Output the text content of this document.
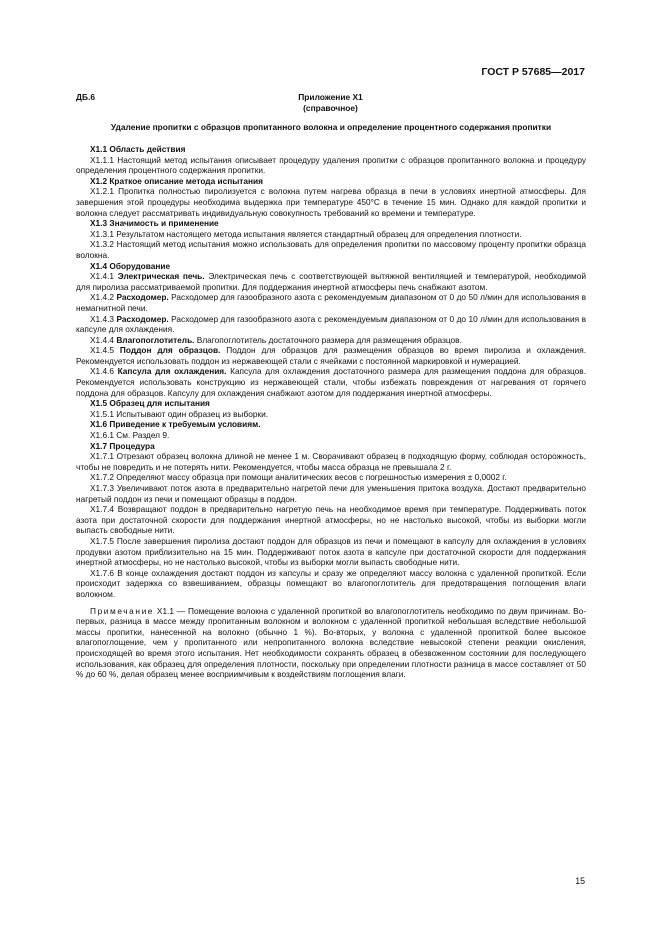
ГОСТ Р 57685—2017
ДБ.6	Приложение Х1
(справочное)
Удаление пропитки с образцов пропитанного волокна и определение процентного содержания пропитки

Х1.1 Область действия

Х1.1.1 Настоящий метод испытания описывает процедуру удаления пропитки с образцов пропитанного волокна и процедуру определения процентного содержания пропитки.

Х1.2 Краткое описание метода испытания

Х1.2.1 Пропитка полностью пиролизуется с волокна путем нагрева образца в печи в условиях инертной атмосферы. Для завершения этой процедуры необходима выдержка при температуре 450°С в течение 15 мин. Однако для каждой пропитки и волокна следует рассматривать индивидуальную совокупность требований ко времени и температуре.

Х1.3 Значимость и применение

Х1.3.1 Результатом настоящего метода испытания является стандартный образец для определения плотности.

Х1.3.2 Настоящий метод испытания можно использовать для определения пропитки по массовому проценту пропитки образца волокна.

Х1.4 Оборудование

Х1.4.1 Электрическая печь. Электрическая печь с соответствующей вытяжной вентиляцией и температурой, необходимой для пиролиза рассматриваемой пропитки. Для поддержания инертной атмосферы печь снабжают азотом.

Х1.4.2 Расходомер. Расходомер для газообразного азота с рекомендуемым диапазоном от 0 до 50 л/мин для использования в немагнитной печи.

Х1.4.3 Расходомер. Расходомер для газообразного азота с рекомендуемым диапазоном от 0 до 10 л/мин для использования в капсуле для охлаждения.

Х1.4.4 Влагопоглотитель. Влагопоглотитель достаточного размера для размещения образцов.

Х1.4.5 Поддон для образцов. Поддон для образцов для размещения образцов во время пиролиза и охлаждения. Рекомендуется использовать поддон из нержавеющей стали с ячейками с постоянной маркировкой и нумерацией.

Х1.4.6 Капсула для охлаждения. Капсула для охлаждения достаточного размера для размещения поддона для образцов. Рекомендуется использовать конструкцию из нержавеющей стали, чтобы избежать повреждения от нагревания от горячего поддона для образцов. Капсулу для охлаждения снабжают азотом для поддержания инертной атмосферы.

Х1.5 Образец для испытания

Х1.5.1 Испытывают один образец из выборки.

Х1.6 Приведение к требуемым условиям.

Х1.6.1 См. Раздел 9.

Х1.7 Процедура

Х1.7.1 Отрезают образец волокна длиной не менее 1 м. Сворачивают образец в подходящую форму, соблюдая осторожность, чтобы не повредить и не потерять нити. Рекомендуется, чтобы масса образца не превышала 2 г.

Х1.7.2 Определяют массу образца при помощи аналитических весов с погрешностью измерения ± 0,0002 г.

Х1.7.3 Увеличивают поток азота в предварительно нагретой печи для уменьшения притока воздуха. Достают предварительно нагретый поддон из печи и помещают образцы в поддон.

Х1.7.4 Возвращают поддон в предварительно нагретую печь на необходимое время при температуре. Поддерживать поток азота при достаточной скорости для поддержания инертной атмосферы, но не настолько высокой, чтобы из выборки могли выпасть свободные нити.

Х1.7.5 После завершения пиролиза достают поддон для образцов из печи и помещают в капсулу для охлаждения в условиях продувки азотом приблизительно на 15 мин. Поддерживают поток азота в капсуле при достаточной скорости для поддержания инертной атмосферы, но не настолько высокой, чтобы из выборки могли выпасть свободные нити.

Х1.7.6 В конце охлаждения достают поддон из капсулы и сразу же определяют массу волокна с удаленной пропиткой. Если происходит задержка со взвешиванием, образцы помещают во влагопоглотитель для предотвращения поглощения влаги волокном.

Примечание Х1.1 — Помещение волокна с удаленной пропиткой во влагопоглотитель необходимо по двум причинам. Во-первых, разница в массе между пропитанным волокном и волокном с удаленной пропиткой небольшая вследствие небольшой массы пропитки, нанесенной на волокно (обычно 1 %). Во-вторых, у волокна с удаленной пропиткой более высокое влагопоглощение, чем у пропитанного или непропитанного волокна вследствие невысокой степени реакции окисления, происходящей во время этого испытания. Нет необходимости сохранять образец в обезвоженном состоянии для последующего использования, как образец для определения плотности, поскольку при определении плотности разница в массе составляет от 50 % до 60 %, делая образец менее восприимчивым к воздействиям поглощения влаги.

15
